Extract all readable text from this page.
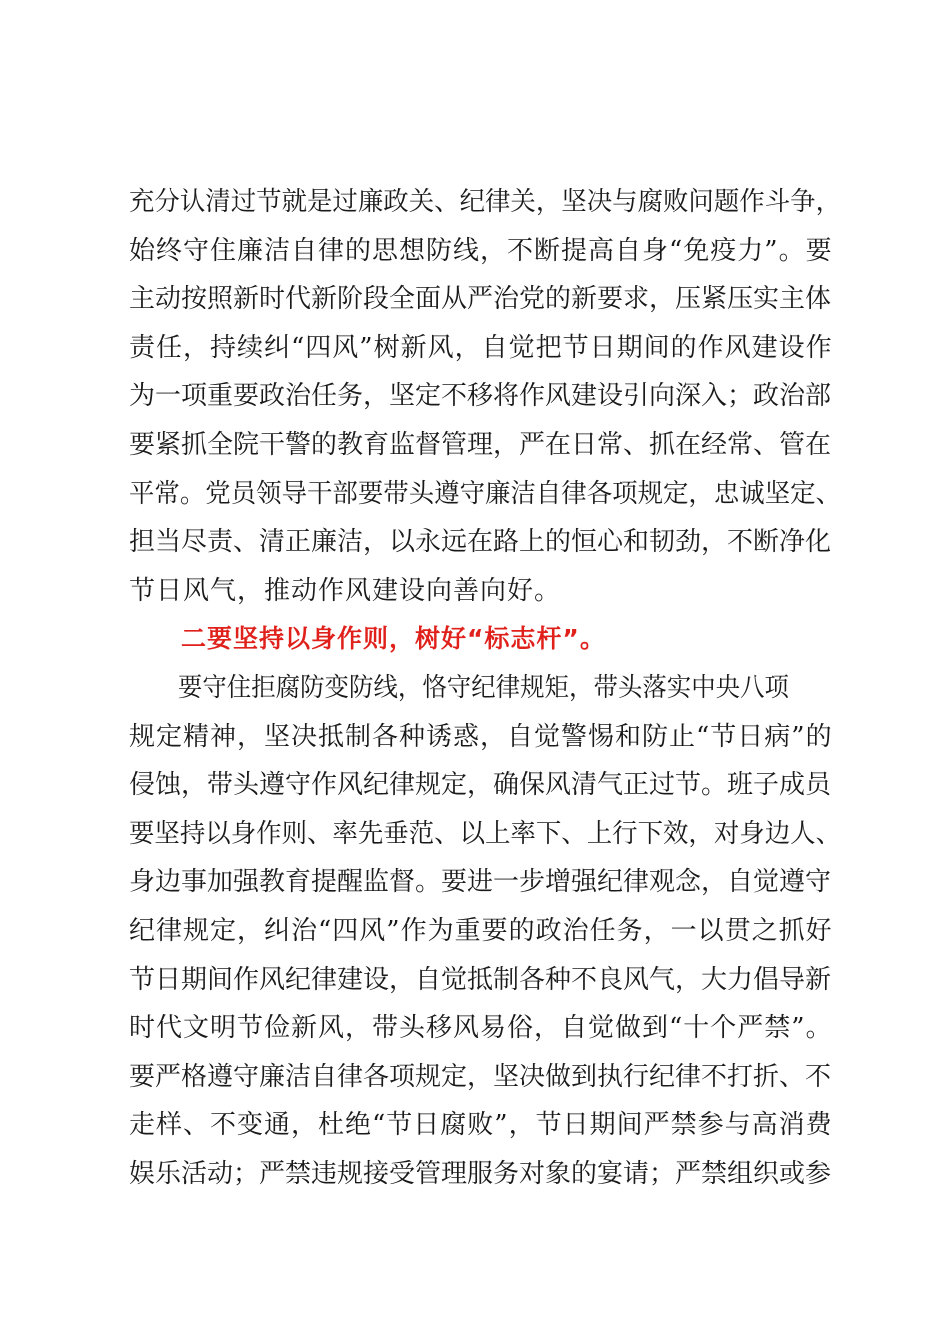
充分认清过节就是过廉政关、纪律关，坚决与腐败问题作斗争，
始终守住廉洁自律的思想防线，不断提高自身“免疫力”。要
主动按照新时代新阶段全面从严治党的新要求，压紧压实主体
责任，持续纠“四风”树新风，自觉把节日期间的作风建设作
为一项重要政治任务，坚定不移将作风建设引向深入；政治部
要紧抓全院干警的教育监督管理，严在日常、抓在经常、管在
平常。党员领导干部要带头遵守廉洁自律各项规定，忠诚坚定、
担当尽责、清正廉洁，以永远在路上的恒心和韧劲，不断净化
节日风气，推动作风建设向善向好。
二要坚持以身作则，树好“标志杆”。
要守住拒腐防变防线，恪守纪律规矩，带头落实中央八项
规定精神，坚决抵制各种诱惑，自觉警惕和防止“节日病”的
侵蚀，带头遵守作风纪律规定，确保风清气正过节。班子成员
要坚持以身作则、率先垂范、以上率下、上行下效，对身边人、
身边事加强教育提醒监督。要进一步增强纪律观念，自觉遵守
纪律规定，纠治“四风”作为重要的政治任务，一以贯之抓好
节日期间作风纪律建设，自觉抵制各种不良风气，大力倡导新
时代文明节俭新风，带头移风易俗，自觉做到“十个严禁”。
要严格遵守廉洁自律各项规定，坚决做到执行纪律不打折、不
走样、不变通，杜绝“节日腐败”，节日期间严禁参与高消费
娱乐活动；严禁违规接受管理服务对象的宴请；严禁组织或参
